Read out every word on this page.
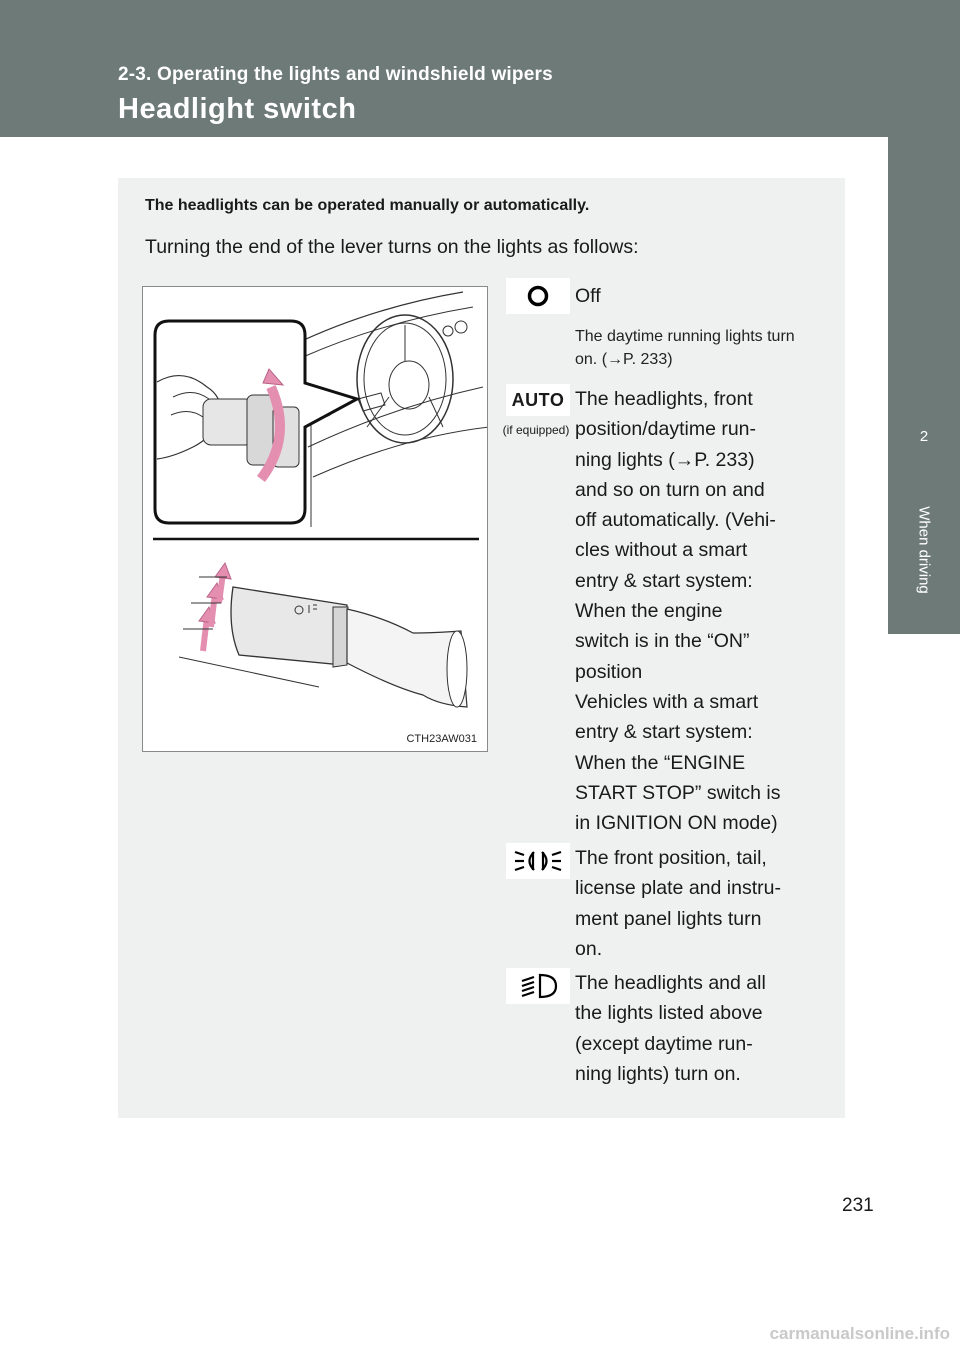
2-3. Operating the lights and windshield wipers
Headlight switch
2
When driving
The headlights can be operated manually or automatically.
Turning the end of the lever turns on the lights as follows:
CTH23AW031
Off
The daytime running lights turn on. (→P. 233)
AUTO
(if equipped)
The headlights, front
position/daytime run-
ning lights (→P. 233)
and so on turn on and
off automatically. (Vehi-
cles without a smart
entry & start system:
When the engine
switch is in the “ON”
position
Vehicles with a smart
entry & start system:
When the “ENGINE
START STOP” switch is
in IGNITION ON mode)
The front position, tail,
license plate and instru-
ment panel lights turn
on.
The headlights and all
the lights listed above
(except daytime run-
ning lights) turn on.
231
carmanualsonline.info
